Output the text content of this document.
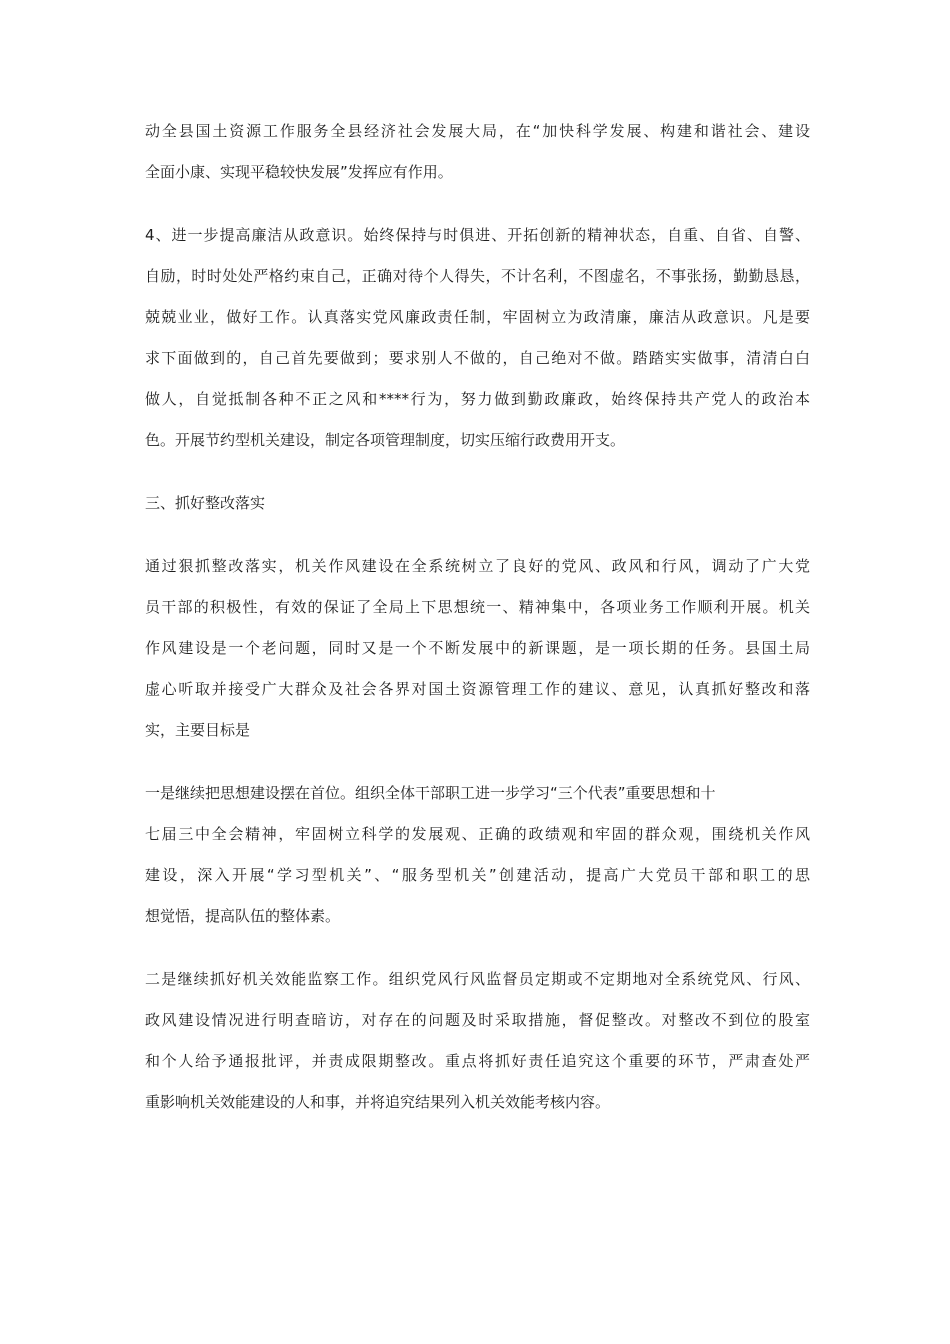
动全县国土资源工作服务全县经济社会发展大局，在“加快科学发展、构建和谐社会、建设
全面小康、实现平稳较快发展”发挥应有作用。
4、进一步提高廉洁从政意识。始终保持与时俱进、开拓创新的精神状态，自重、自省、自警、
自励，时时处处严格约束自己，正确对待个人得失，不计名利，不图虚名，不事张扬，勤勤恳恳，
兢兢业业，做好工作。认真落实党风廉政责任制，牢固树立为政清廉，廉洁从政意识。凡是要
求下面做到的，自己首先要做到；要求别人不做的，自己绝对不做。踏踏实实做事，清清白白
做人，自觉抵制各种不正之风和****行为，努力做到勤政廉政，始终保持共产党人的政治本
色。开展节约型机关建设，制定各项管理制度，切实压缩行政费用开支。
三、抓好整改落实
通过狠抓整改落实，机关作风建设在全系统树立了良好的党风、政风和行风，调动了广大党
员干部的积极性，有效的保证了全局上下思想统一、精神集中，各项业务工作顺利开展。机关
作风建设是一个老问题，同时又是一个不断发展中的新课题，是一项长期的任务。县国土局
虚心听取并接受广大群众及社会各界对国土资源管理工作的建议、意见，认真抓好整改和落
实，主要目标是
一是继续把思想建设摆在首位。组织全体干部职工进一步学习“三个代表”重要思想和十
七届三中全会精神，牢固树立科学的发展观、正确的政绩观和牢固的群众观，围绕机关作风
建设，深入开展“学习型机关”、“服务型机关”创建活动，提高广大党员干部和职工的思
想觉悟，提高队伍的整体素。
二是继续抓好机关效能监察工作。组织党风行风监督员定期或不定期地对全系统党风、行风、
政风建设情况进行明查暗访，对存在的问题及时采取措施，督促整改。对整改不到位的股室
和个人给予通报批评，并责成限期整改。重点将抓好责任追究这个重要的环节，严肃查处严
重影响机关效能建设的人和事，并将追究结果列入机关效能考核内容。
